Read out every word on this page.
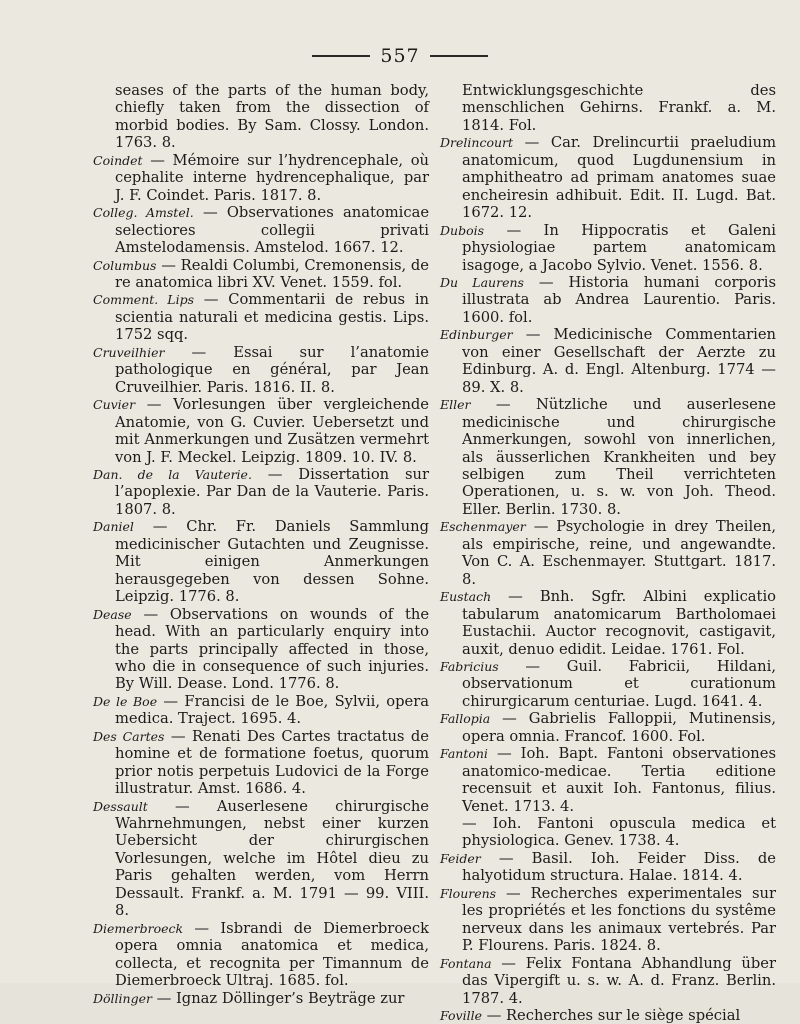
557

seases of the parts of the human body, chiefly taken from the dissection of morbid bodies. By Sam. Clossy. London. 1763. 8.

Coindet — Mémoire sur l’hydrencephale, où cephalite interne hydrencephalique, par J. F. Coindet. Paris. 1817. 8.

Colleg. Amstel. — Observationes anatomicae selectiores collegii privati Amstelodamensis. Amstelod. 1667. 12.

Columbus — Realdi Columbi, Cremonensis, de re anatomica libri XV. Venet. 1559. fol.

Comment. Lips — Commentarii de rebus in scientia naturali et medicina gestis. Lips. 1752 sqq.

Cruveilhier — Essai sur l’anatomie pathologique en général, par Jean Cruveilhier. Paris. 1816. II. 8.

Cuvier — Vorlesungen über vergleichende Anatomie, von G. Cuvier. Uebersetzt und mit Anmerkungen und Zusätzen vermehrt von J. F. Meckel. Leipzig. 1809. 10. IV. 8.

Dan. de la Vauterie. — Dissertation sur l’apoplexie. Par Dan de la Vauterie. Paris. 1807. 8.

Daniel — Chr. Fr. Daniels Sammlung medicinischer Gutachten und Zeugnisse. Mit einigen Anmerkungen herausgegeben von dessen Sohne. Leipzig. 1776. 8.

Dease — Observations on wounds of the head. With an particularly enquiry into the parts principally affected in those, who die in consequence of such injuries. By Will. Dease. Lond. 1776. 8.

De le Boe — Francisi de le Boe, Sylvii, opera medica. Traject. 1695. 4.

Des Cartes — Renati Des Cartes tractatus de homine et de formatione foetus, quorum prior notis perpetuis Ludovici de la Forge illustratur. Amst. 1686. 4.

Dessault — Auserlesene chirurgische Wahrnehmungen, nebst einer kurzen Uebersicht der chirurgischen Vorlesungen, welche im Hôtel dieu zu Paris gehalten werden, vom Herrn Dessault. Frankf. a. M. 1791 — 99. VIII. 8.

Diemerbroeck — Isbrandi de Diemerbroeck opera omnia anatomica et medica, collecta, et recognita per Timannum de Diemerbroeck Ultraj. 1685. fol.

Döllinger — Ignaz Döllinger’s Beyträge zur

Entwicklungsgeschichte des menschlichen Gehirns. Frankf. a. M. 1814. Fol.

Drelincourt — Car. Drelincurtii praeludium anatomicum, quod Lugdunensium in amphitheatro ad primam anatomes suae encheiresin adhibuit. Edit. II. Lugd. Bat. 1672. 12.

Dubois — In Hippocratis et Galeni physiologiae partem anatomicam isagoge, a Jacobo Sylvio. Venet. 1556. 8.

Du Laurens — Historia humani corporis illustrata ab Andrea Laurentio. Paris. 1600. fol.

Edinburger — Medicinische Commentarien von einer Gesellschaft der Aerzte zu Edinburg. A. d. Engl. Altenburg. 1774 — 89. X. 8.

Eller — Nützliche und auserlesene medicinische und chirurgische Anmerkungen, sowohl von innerlichen, als äusserlichen Krankheiten und bey selbigen zum Theil verrichteten Operationen, u. s. w. von Joh. Theod. Eller. Berlin. 1730. 8.

Eschenmayer — Psychologie in drey Theilen, als empirische, reine, und angewandte. Von C. A. Eschenmayer. Stuttgart. 1817. 8.

Eustach — Bnh. Sgfr. Albini explicatio tabularum anatomicarum Bartholomaei Eustachii. Auctor recognovit, castigavit, auxit, denuo edidit. Leidae. 1761. Fol.

Fabricius — Guil. Fabricii, Hildani, observationum et curationum chirurgicarum centuriae. Lugd. 1641. 4.

Fallopia — Gabrielis Falloppii, Mutinensis, opera omnia. Francof. 1600. Fol.

Fantoni — Ioh. Bapt. Fantoni observationes anatomico-medicae. Tertia editione recensuit et auxit Ioh. Fantonus, filius. Venet. 1713. 4.

— Ioh. Fantoni opuscula medica et physiologica. Genev. 1738. 4.

Feider — Basil. Ioh. Feider Diss. de halyotidum structura. Halae. 1814. 4.

Flourens — Recherches experimentales sur les propriétés et les fonctions du systême nerveux dans les animaux vertebrés. Par P. Flourens. Paris. 1824. 8.

Fontana — Felix Fontana Abhandlung über das Vipergift u. s. w. A. d. Franz. Berlin. 1787. 4.

Foville — Recherches sur le siège spécial
